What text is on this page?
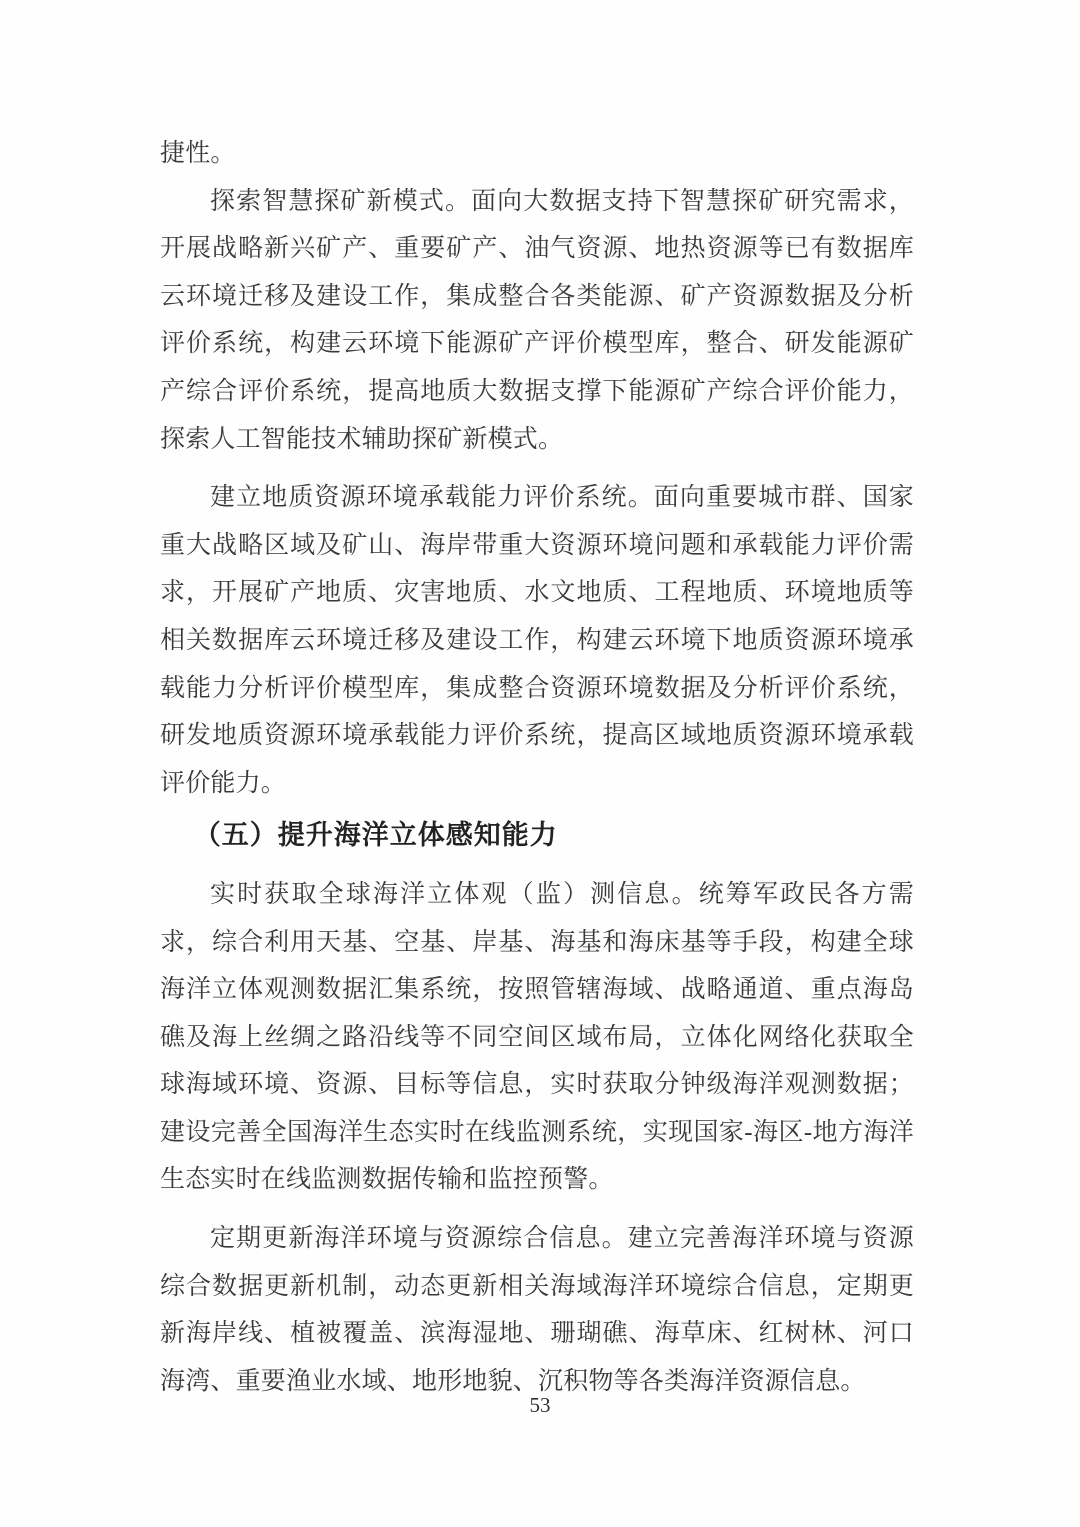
捷性。

探索智慧探矿新模式。面向大数据支持下智慧探矿研究需求，开展战略新兴矿产、重要矿产、油气资源、地热资源等已有数据库云环境迁移及建设工作，集成整合各类能源、矿产资源数据及分析评价系统，构建云环境下能源矿产评价模型库，整合、研发能源矿产综合评价系统，提高地质大数据支撑下能源矿产综合评价能力，探索人工智能技术辅助探矿新模式。

建立地质资源环境承载能力评价系统。面向重要城市群、国家重大战略区域及矿山、海岸带重大资源环境问题和承载能力评价需求，开展矿产地质、灾害地质、水文地质、工程地质、环境地质等相关数据库云环境迁移及建设工作，构建云环境下地质资源环境承载能力分析评价模型库，集成整合资源环境数据及分析评价系统，研发地质资源环境承载能力评价系统，提高区域地质资源环境承载评价能力。

（五）提升海洋立体感知能力

实时获取全球海洋立体观（监）测信息。统筹军政民各方需求，综合利用天基、空基、岸基、海基和海床基等手段，构建全球海洋立体观测数据汇集系统，按照管辖海域、战略通道、重点海岛礁及海上丝绸之路沿线等不同空间区域布局，立体化网络化获取全球海域环境、资源、目标等信息，实时获取分钟级海洋观测数据；建设完善全国海洋生态实时在线监测系统，实现国家-海区-地方海洋生态实时在线监测数据传输和监控预警。

定期更新海洋环境与资源综合信息。建立完善海洋环境与资源综合数据更新机制，动态更新相关海域海洋环境综合信息，定期更新海岸线、植被覆盖、滨海湿地、珊瑚礁、海草床、红树林、河口海湾、重要渔业水域、地形地貌、沉积物等各类海洋资源信息。

53
